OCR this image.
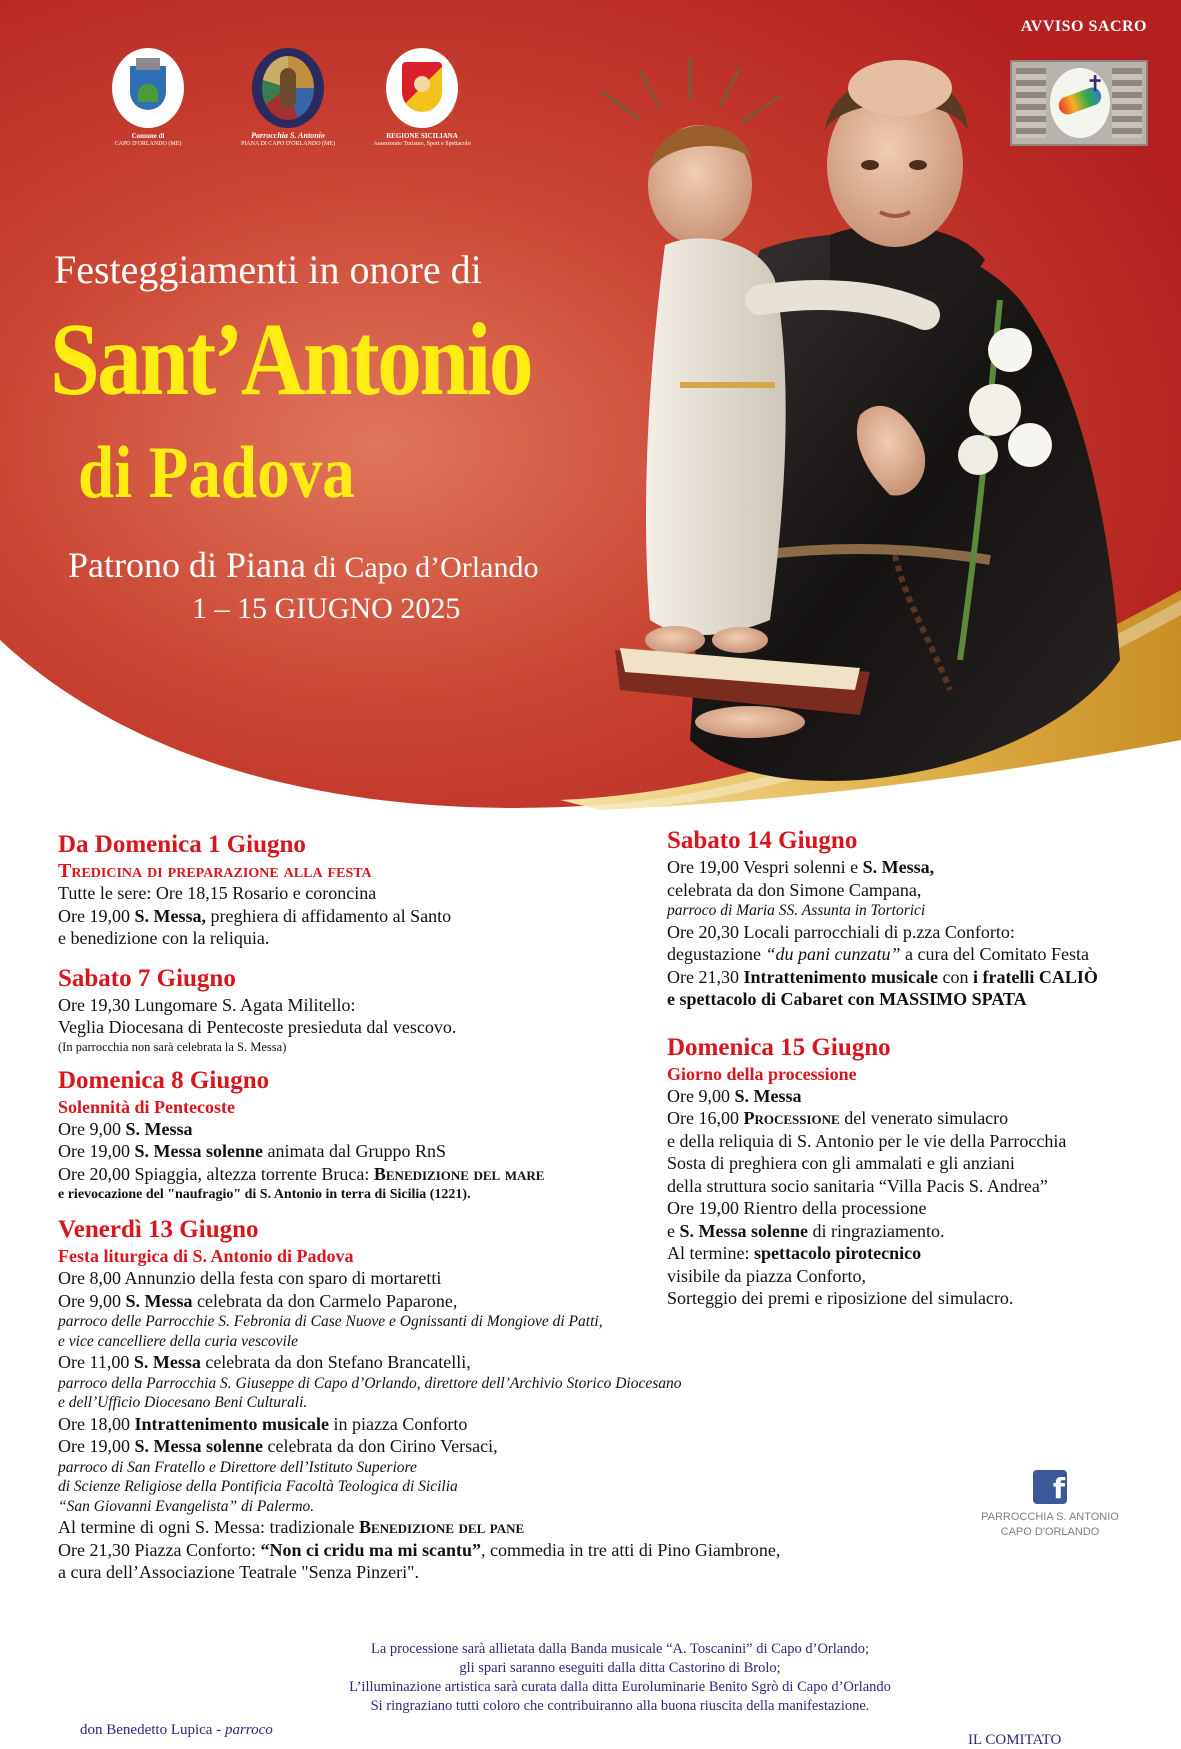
AVVISO SACRO
✝
Comune di
CAPO D'ORLANDO (ME)
Parrocchia S. Antonio
PIANA DI CAPO D'ORLANDO (ME)
REGIONE SICILIANA
Assessorato Turismo, Sport e Spettacolo
Festeggiamenti in onore di
Sant’Antonio
di Padova
Patrono di Piana di Capo d’Orlando
1 – 15 GIUGNO 2025
Da Domenica 1 Giugno
Tredicina di preparazione alla festa
Tutte le sere: Ore 18,15 Rosario e coroncina
Ore 19,00 S. Messa, preghiera di affidamento al Santo
e benedizione con la reliquia.
Sabato 7 Giugno
Ore 19,30 Lungomare S. Agata Militello:
Veglia Diocesana di Pentecoste presieduta dal vescovo.
(In parrocchia non sarà celebrata la S. Messa)
Domenica 8 Giugno
Solennità di Pentecoste
Ore 9,00 S. Messa
Ore 19,00 S. Messa solenne animata dal Gruppo RnS
Ore 20,00 Spiaggia, altezza torrente Bruca: Benedizione del mare
e rievocazione del "naufragio" di S. Antonio in terra di Sicilia (1221).
Venerdì 13 Giugno
Festa liturgica di S. Antonio di Padova
Ore 8,00 Annunzio della festa con sparo di mortaretti
Ore 9,00 S. Messa celebrata da don Carmelo Paparone,
parroco delle Parrocchie S. Febronia di Case Nuove e Ognissanti di Mongiove di Patti,
e vice cancelliere della curia vescovile
Ore 11,00 S. Messa celebrata da don Stefano Brancatelli,
parroco della Parrocchia S. Giuseppe di Capo d’Orlando, direttore dell’Archivio Storico Diocesano
e dell’Ufficio Diocesano Beni Culturali.
Ore 18,00 Intrattenimento musicale in piazza Conforto
Ore 19,00 S. Messa solenne celebrata da don Cirino Versaci,
parroco di San Fratello e Direttore dell’Istituto Superiore
di Scienze Religiose della Pontificia Facoltà Teologica di Sicilia
“San Giovanni Evangelista” di Palermo.
Al termine di ogni S. Messa: tradizionale Benedizione del pane
Ore 21,30 Piazza Conforto: “Non ci cridu ma mi scantu”, commedia in tre atti di Pino Giambrone,
a cura dell’Associazione Teatrale "Senza Pinzeri".
Sabato 14 Giugno
Ore 19,00 Vespri solenni e S. Messa,
celebrata da don Simone Campana,
parroco di Maria SS. Assunta in Tortorici
Ore 20,30 Locali parrocchiali di p.zza Conforto:
degustazione “du pani cunzatu” a cura del Comitato Festa
Ore 21,30 Intrattenimento musicale con i fratelli CALIÒ
e spettacolo di Cabaret con MASSIMO SPATA
Domenica 15 Giugno
Giorno della processione
Ore 9,00 S. Messa
Ore 16,00 Processione del venerato simulacro
e della reliquia di S. Antonio per le vie della Parrocchia
Sosta di preghiera con gli ammalati e gli anziani
della struttura socio sanitaria “Villa Pacis S. Andrea”
Ore 19,00 Rientro della processione
e S. Messa solenne di ringraziamento.
Al termine: spettacolo pirotecnico
visibile da piazza Conforto,
Sorteggio dei premi e riposizione del simulacro.
f
PARROCCHIA S. ANTONIO
CAPO D'ORLANDO
La processione sarà allietata dalla Banda musicale “A. Toscanini” di Capo d’Orlando;
gli spari saranno eseguiti dalla ditta Castorino di Brolo;
L’illuminazione artistica sarà curata dalla ditta Euroluminarie Benito Sgrò di Capo d’Orlando
Si ringraziano tutti coloro che contribuiranno alla buona riuscita della manifestazione.
don Benedetto Lupica - parroco
IL COMITATO
